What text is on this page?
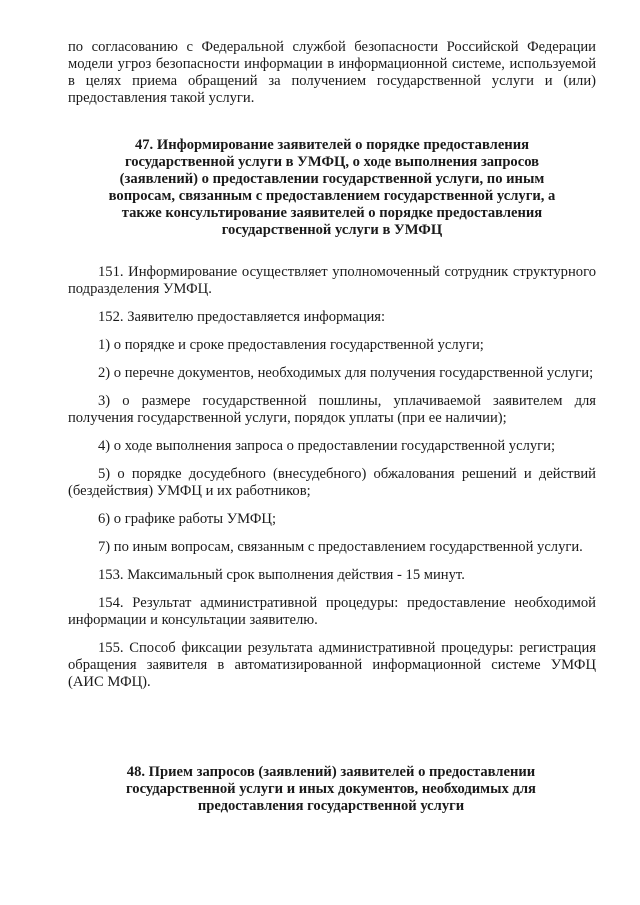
по согласованию с Федеральной службой безопасности Российской Федерации модели угроз безопасности информации в информационной системе, используемой в целях приема обращений за получением государственной услуги и (или) предоставления такой услуги.

47. Информирование заявителей о порядке предоставления государственной услуги в УМФЦ, о ходе выполнения запросов (заявлений) о предоставлении государственной услуги, по иным вопросам, связанным с предоставлением государственной услуги, а также консультирование заявителей о порядке предоставления государственной услуги в УМФЦ

151. Информирование осуществляет уполномоченный сотрудник структурного подразделения УМФЦ.

152. Заявителю предоставляется информация:

1) о порядке и сроке предоставления государственной услуги;

2) о перечне документов, необходимых для получения государственной услуги;

3) о размере государственной пошлины, уплачиваемой заявителем для получения государственной услуги, порядок уплаты (при ее наличии);

4) о ходе выполнения запроса о предоставлении государственной услуги;

5) о порядке досудебного (внесудебного) обжалования решений и действий (бездействия) УМФЦ и их работников;

6) о графике работы УМФЦ;

7) по иным вопросам, связанным с предоставлением государственной услуги.

153. Максимальный срок выполнения действия - 15 минут.

154. Результат административной процедуры: предоставление необходимой информации и консультации заявителю.

155. Способ фиксации результата административной процедуры: регистрация обращения заявителя в автоматизированной информационной системе УМФЦ (АИС МФЦ).

48. Прием запросов (заявлений) заявителей о предоставлении государственной услуги и иных документов, необходимых для предоставления государственной услуги
